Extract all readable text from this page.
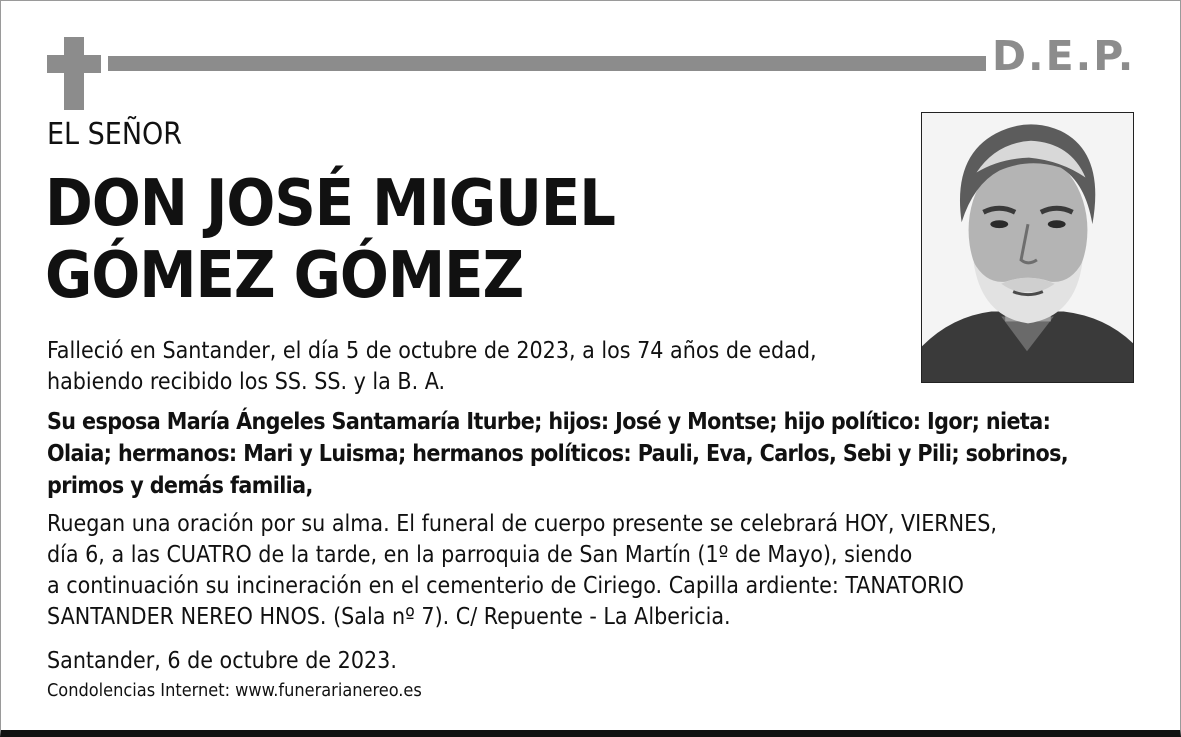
D.E.P.
EL SEÑOR
DON JOSÉ MIGUEL
GÓMEZ GÓMEZ
Falleció en Santander, el día 5 de octubre de 2023, a los 74 años de edad,
habiendo recibido los SS. SS. y la B. A.
Su esposa María Ángeles Santamaría Iturbe; hijos: José y Montse; hijo político: Igor; nieta:
Olaia; hermanos: Mari y Luisma; hermanos políticos: Pauli, Eva, Carlos, Sebi y Pili; sobrinos,
primos y demás familia,
Ruegan una oración por su alma. El funeral de cuerpo presente se celebrará HOY, VIERNES,
día 6, a las CUATRO de la tarde, en la parroquia de San Martín (1º de Mayo), siendo
a continuación su incineración en el cementerio de Ciriego. Capilla ardiente: TANATORIO
SANTANDER NEREO HNOS. (Sala nº 7). C/ Repuente - La Albericia.
Santander, 6 de octubre de 2023.
Condolencias Internet: www.funerarianereo.es
